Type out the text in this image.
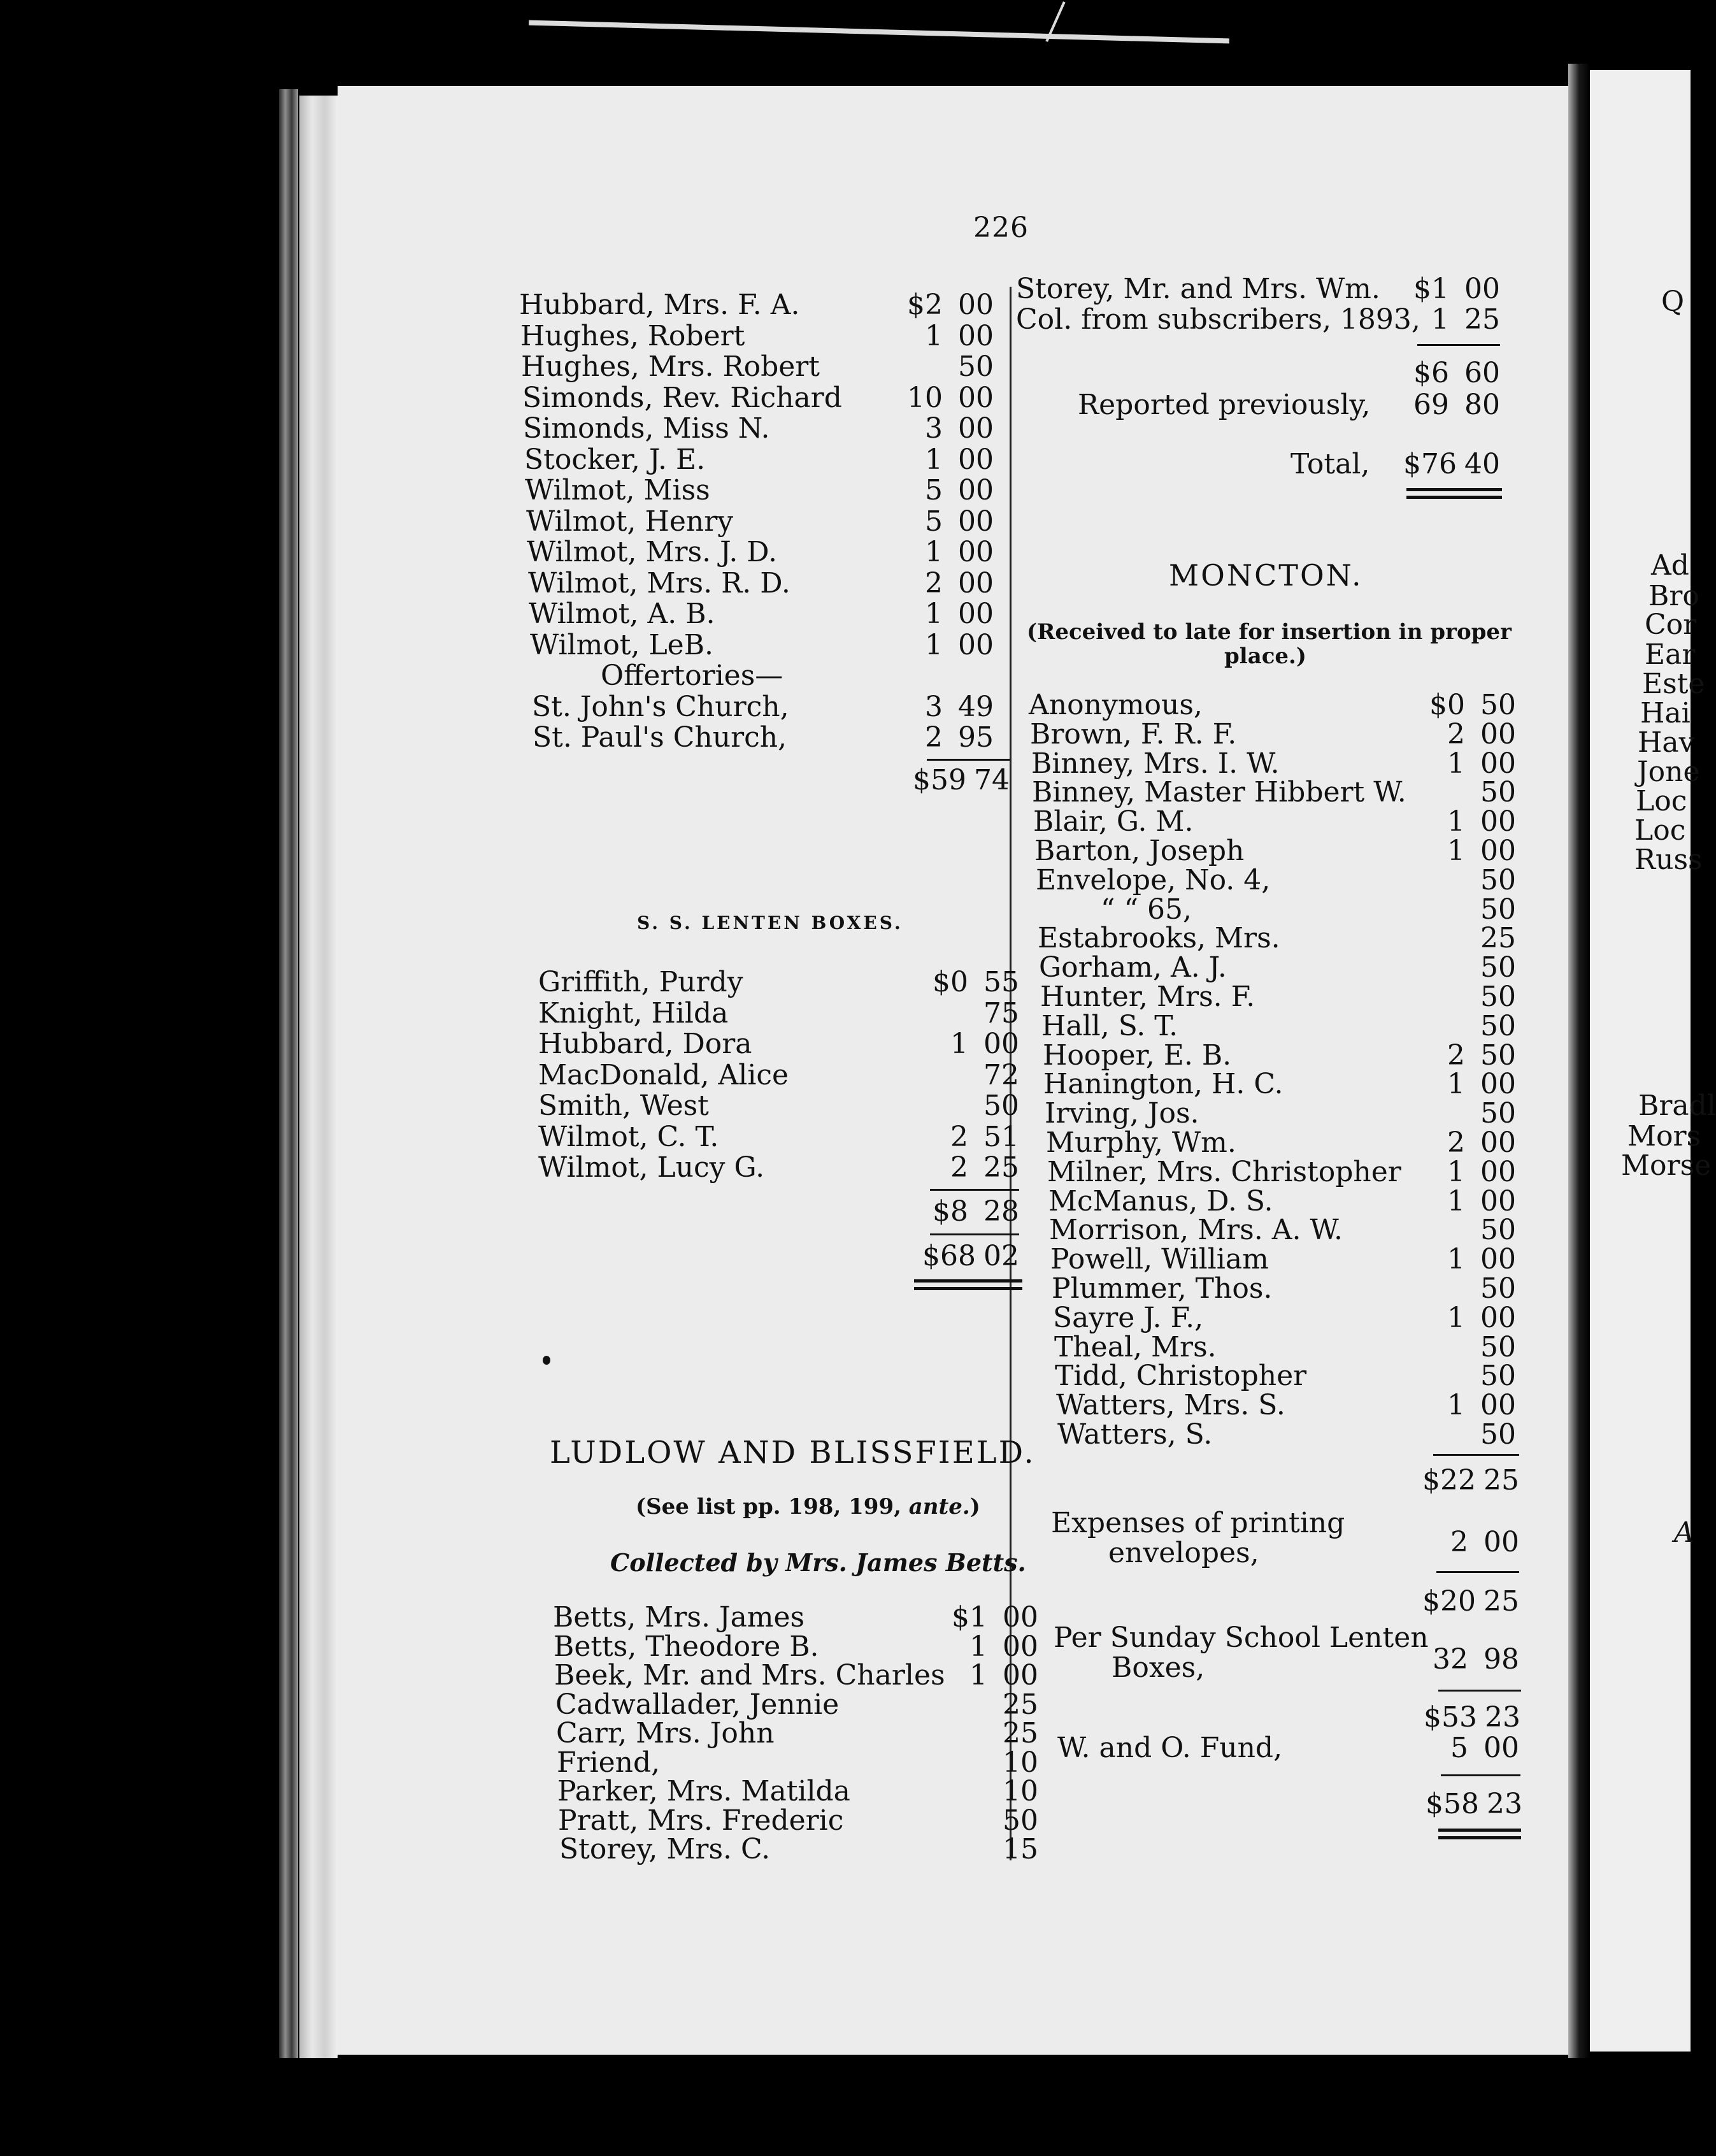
Q
Ad
Bro
Cor
Ear
Este
Hai
Hav
Jone
Loc
Loc
Russ
Bradl
Mors
Morse
A
226
Hubbard, Mrs. F. A.	$2 00
Hughes, Robert	1 00
Hughes, Mrs. Robert	50
Simonds, Rev. Richard	10 00
Simonds, Miss N.	3 00
Stocker, J. E.	1 00
Wilmot, Miss	5 00
Wilmot, Henry	5 00
Wilmot, Mrs. J. D.	1 00
Wilmot, Mrs. R. D.	2 00
Wilmot, A. B.	1 00
Wilmot, LeB.	1 00
Offertories—
St. John's Church,	3 49
St. Paul's Church,	2 95
$59 74
S. S. LENTEN BOXES.
Griffith, Purdy	$0 55
Knight, Hilda	75
Hubbard, Dora	1 00
MacDonald, Alice	72
Smith, West	50
Wilmot, C. T.	2 51
Wilmot, Lucy G.	2 25
$8 28
$68 02
LUDLOW AND BLISSFIELD.
(See list pp. 198, 199, ante.)
Collected by Mrs. James Betts.
Betts, Mrs. James	$1 00
Betts, Theodore B.	1 00
Beek, Mr. and Mrs. Charles 1 00
Cadwallader, Jennie	25
Carr, Mrs. John	25
Friend,	10
Parker, Mrs. Matilda	10
Pratt, Mrs. Frederic	50
Storey, Mrs. C.	15
Storey, Mr. and Mrs. Wm.	$1 00
Col. from subscribers, 1893, 1 25
$6 60
Reported previously,	69 80
Total, $76 40
MONCTON.
(Received to late for insertion in proper
place.)
Anonymous,	$0 50
Brown, F. R. F.	2 00
Binney, Mrs. I. W.	1 00
Binney, Master Hibbert W.	50
Blair, G. M.	1 00
Barton, Joseph	1 00
Envelope, No. 4,	50
“ “ 65,	50
Estabrooks, Mrs.	25
Gorham, A. J.	50
Hunter, Mrs. F.	50
Hall, S. T.	50
Hooper, E. B.	2 50
Hanington, H. C.	1 00
Irving, Jos.	50
Murphy, Wm.	2 00
Milner, Mrs. Christopher	1 00
McManus, D. S.	1 00
Morrison, Mrs. A. W.	50
Powell, William	1 00
Plummer, Thos.	50
Sayre J. F.,	1 00
Theal, Mrs.	50
Tidd, Christopher	50
Watters, Mrs. S.	1 00
Watters, S.	50
$22 25
Expenses of printing
envelopes,	2 00
$20 25
Per Sunday School Lenten
Boxes,	32 98
$53 23
W. and O. Fund,	5 00
$58 23
